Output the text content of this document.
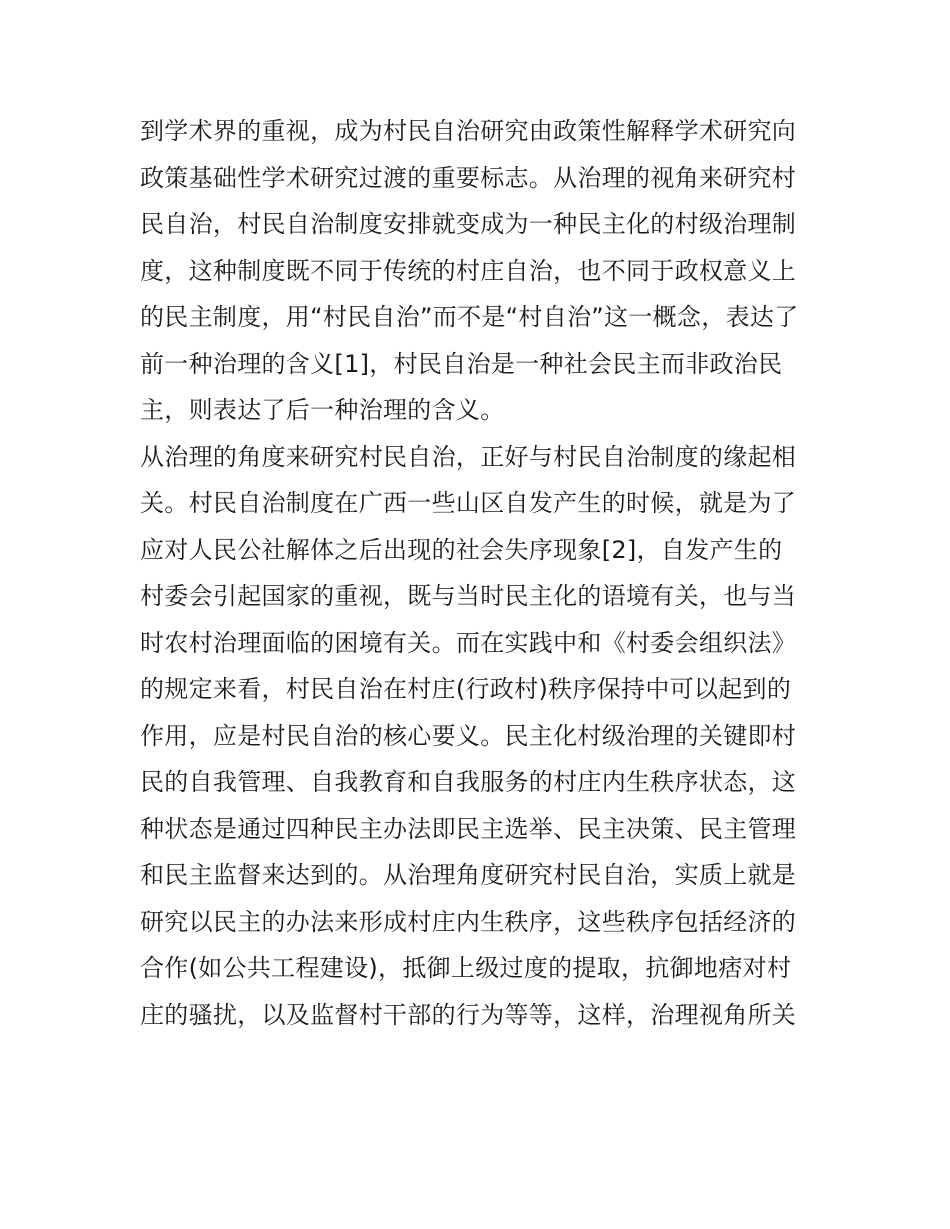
到学术界的重视，成为村民自治研究由政策性解释学术研究向
政策基础性学术研究过渡的重要标志。从治理的视角来研究村
民自治，村民自治制度安排就变成为一种民主化的村级治理制
度，这种制度既不同于传统的村庄自治，也不同于政权意义上
的民主制度，用“村民自治”而不是“村自治”这一概念，表达了
前一种治理的含义[1]，村民自治是一种社会民主而非政治民
主，则表达了后一种治理的含义。
从治理的角度来研究村民自治，正好与村民自治制度的缘起相
关。村民自治制度在广西一些山区自发产生的时候，就是为了
应对人民公社解体之后出现的社会失序现象[2]，自发产生的
村委会引起国家的重视，既与当时民主化的语境有关，也与当
时农村治理面临的困境有关。而在实践中和《村委会组织法》
的规定来看，村民自治在村庄(行政村)秩序保持中可以起到的
作用，应是村民自治的核心要义。民主化村级治理的关键即村
民的自我管理、自我教育和自我服务的村庄内生秩序状态，这
种状态是通过四种民主办法即民主选举、民主决策、民主管理
和民主监督来达到的。从治理角度研究村民自治，实质上就是
研究以民主的办法来形成村庄内生秩序，这些秩序包括经济的
合作(如公共工程建设)，抵御上级过度的提取，抗御地痞对村
庄的骚扰，以及监督村干部的行为等等，这样，治理视角所关
